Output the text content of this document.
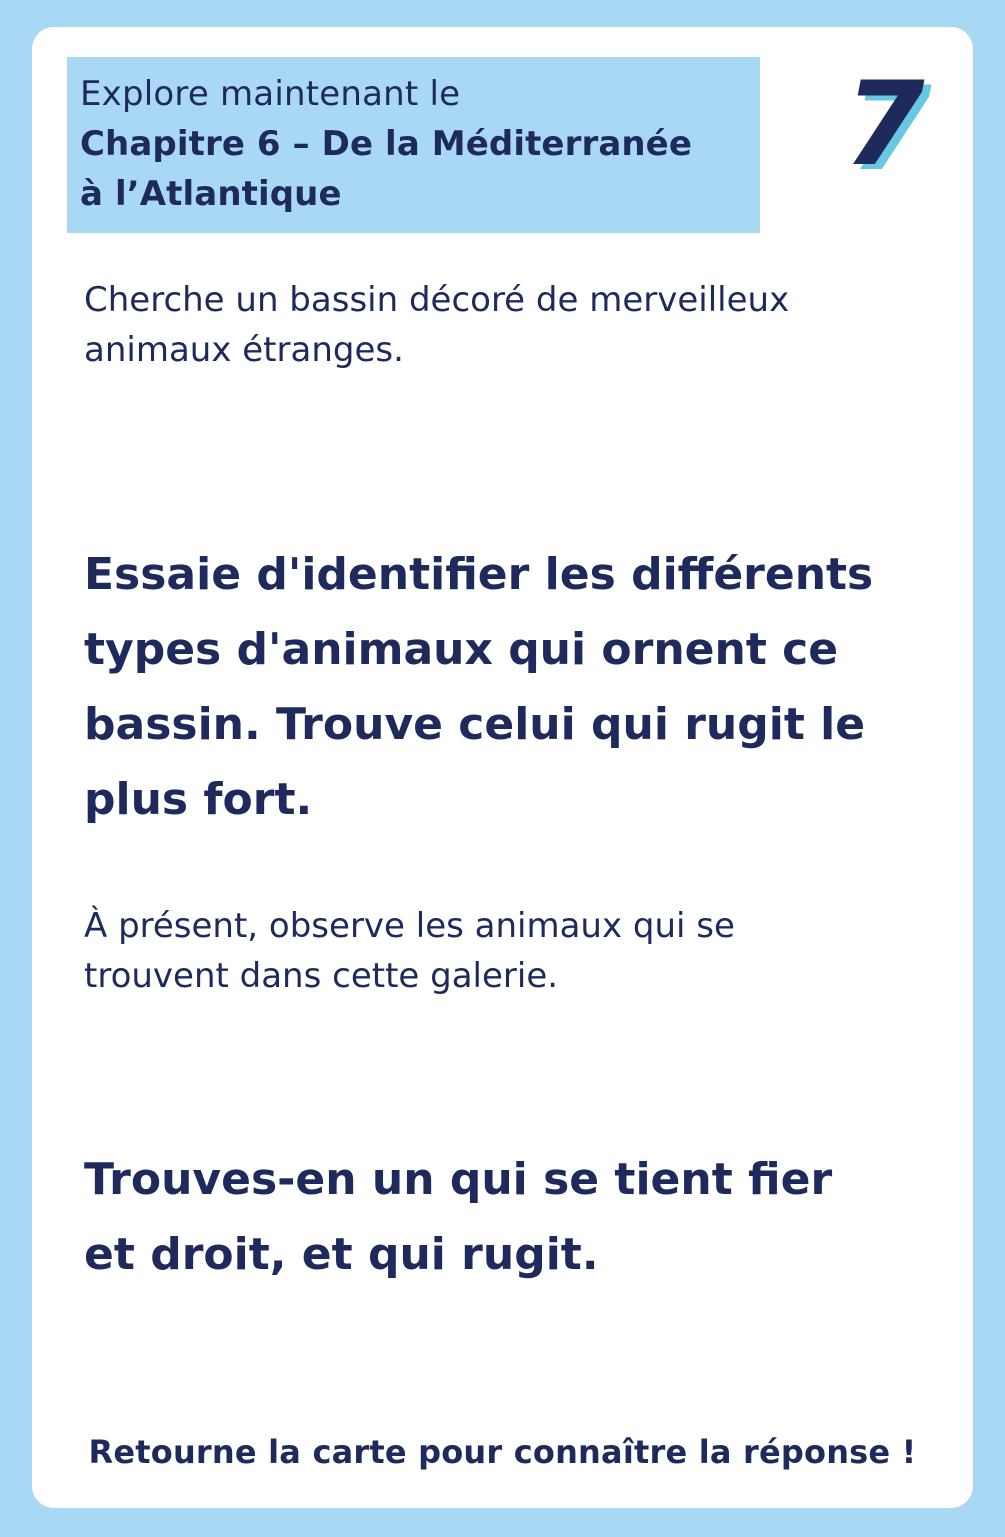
Explore maintenant le

Chapitre 6 – De la Méditerranée

à l’Atlantique

7

Cherche un bassin décoré de merveilleux animaux étranges.

Essaie d'identifier les différents types d'animaux qui ornent ce bassin. Trouve celui qui rugit le plus fort.

À présent, observe les animaux qui se trouvent dans cette galerie.

Trouves-en un qui se tient fier et droit, et qui rugit.

Retourne la carte pour connaître la réponse !
